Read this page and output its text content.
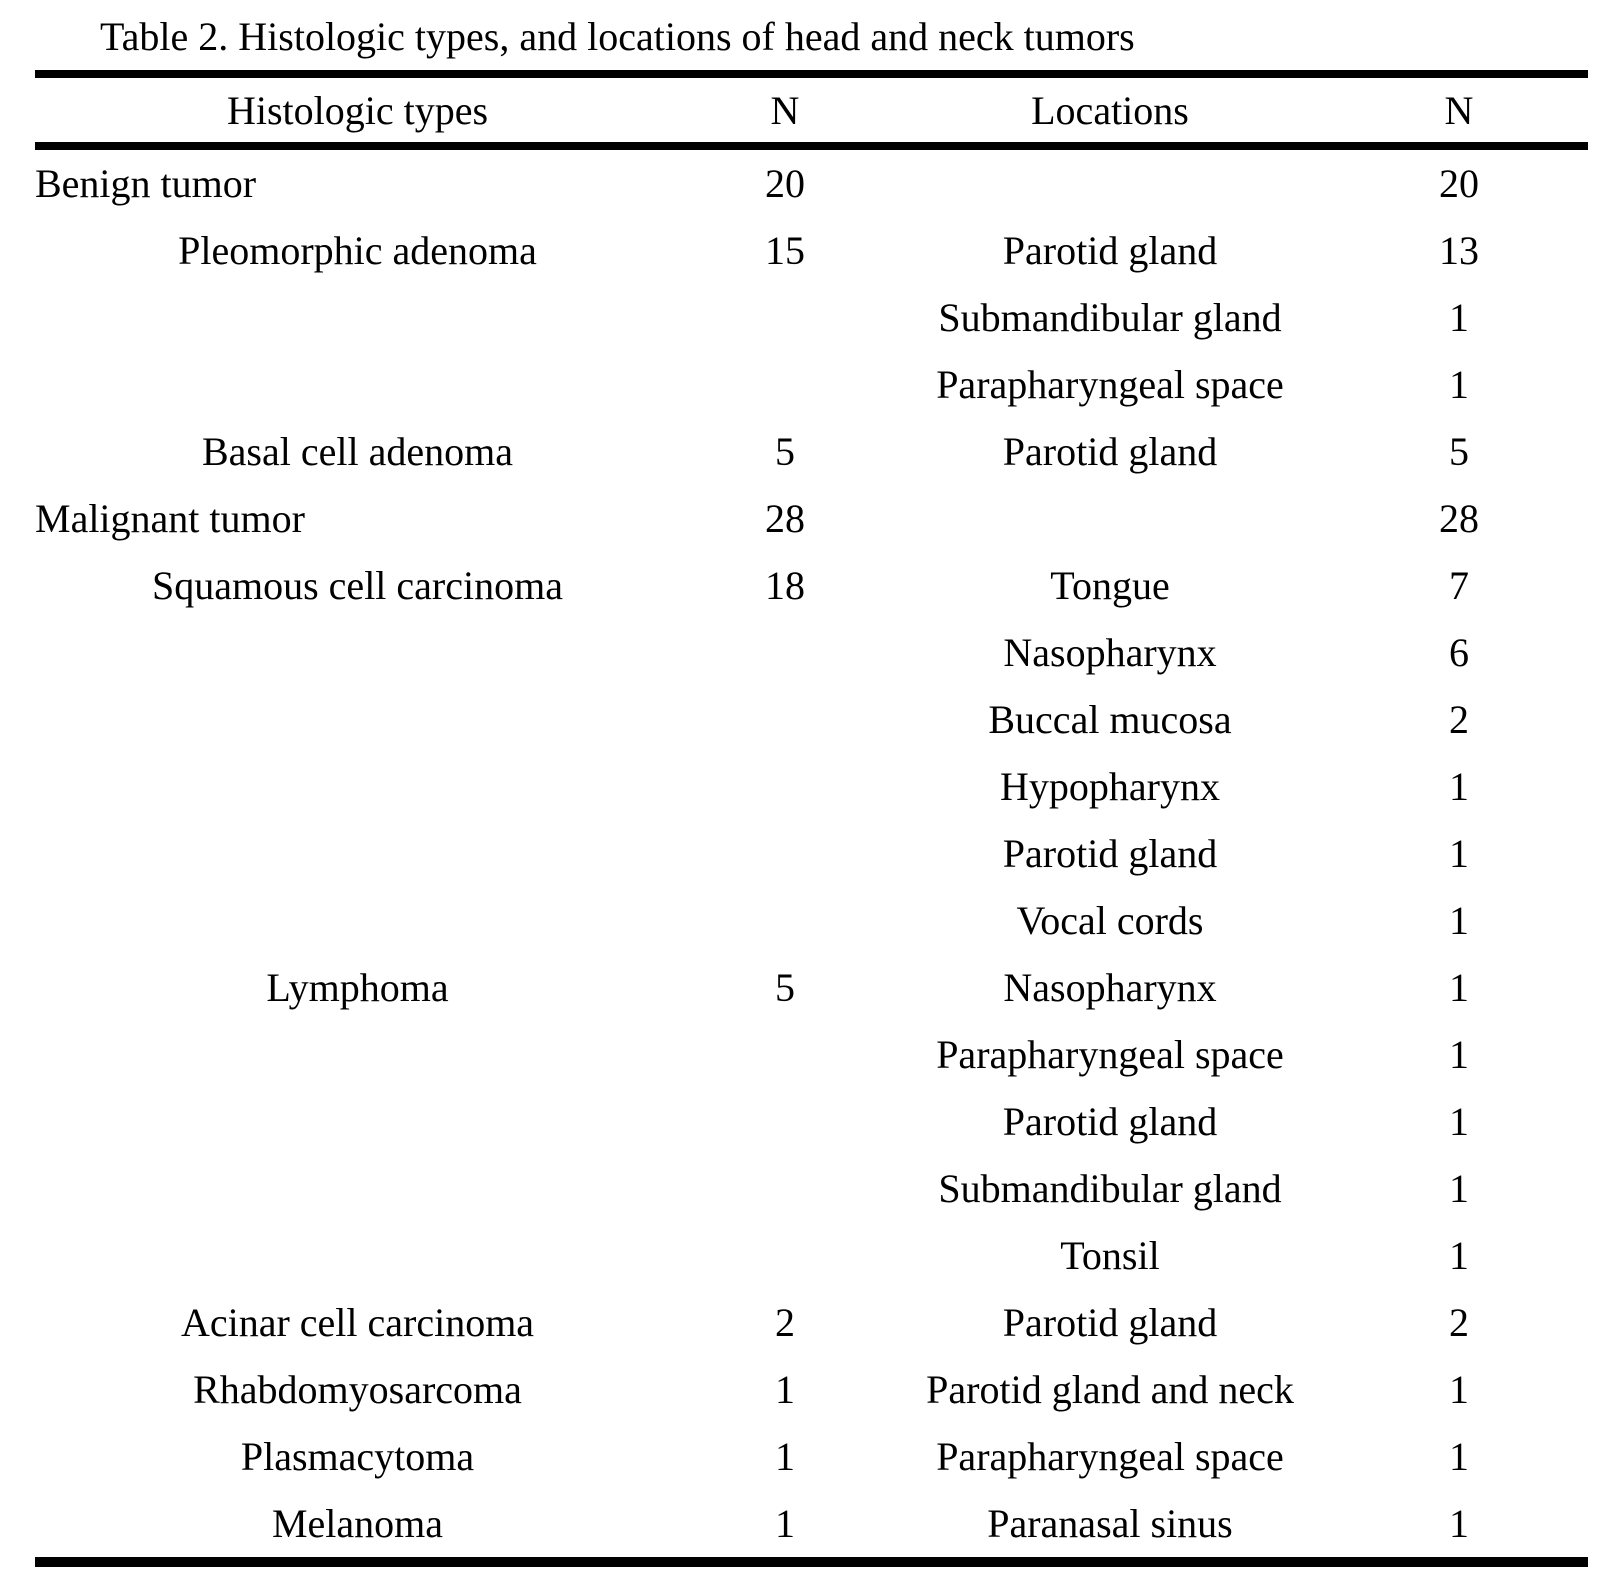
Table 2. Histologic types, and locations of head and neck tumors
Histologic types	N	Locations	N
Benign tumor	20		20
Pleomorphic adenoma	15	Parotid gland	13
		Submandibular gland	1
		Parapharyngeal space	1
Basal cell adenoma	5	Parotid gland	5
Malignant tumor	28		28
Squamous cell carcinoma	18	Tongue	7
		Nasopharynx	6
		Buccal mucosa	2
		Hypopharynx	1
		Parotid gland	1
		Vocal cords	1
Lymphoma	5	Nasopharynx	1
		Parapharyngeal space	1
		Parotid gland	1
		Submandibular gland	1
		Tonsil	1
Acinar cell carcinoma	2	Parotid gland	2
Rhabdomyosarcoma	1	Parotid gland and neck	1
Plasmacytoma	1	Parapharyngeal space	1
Melanoma	1	Paranasal sinus	1
